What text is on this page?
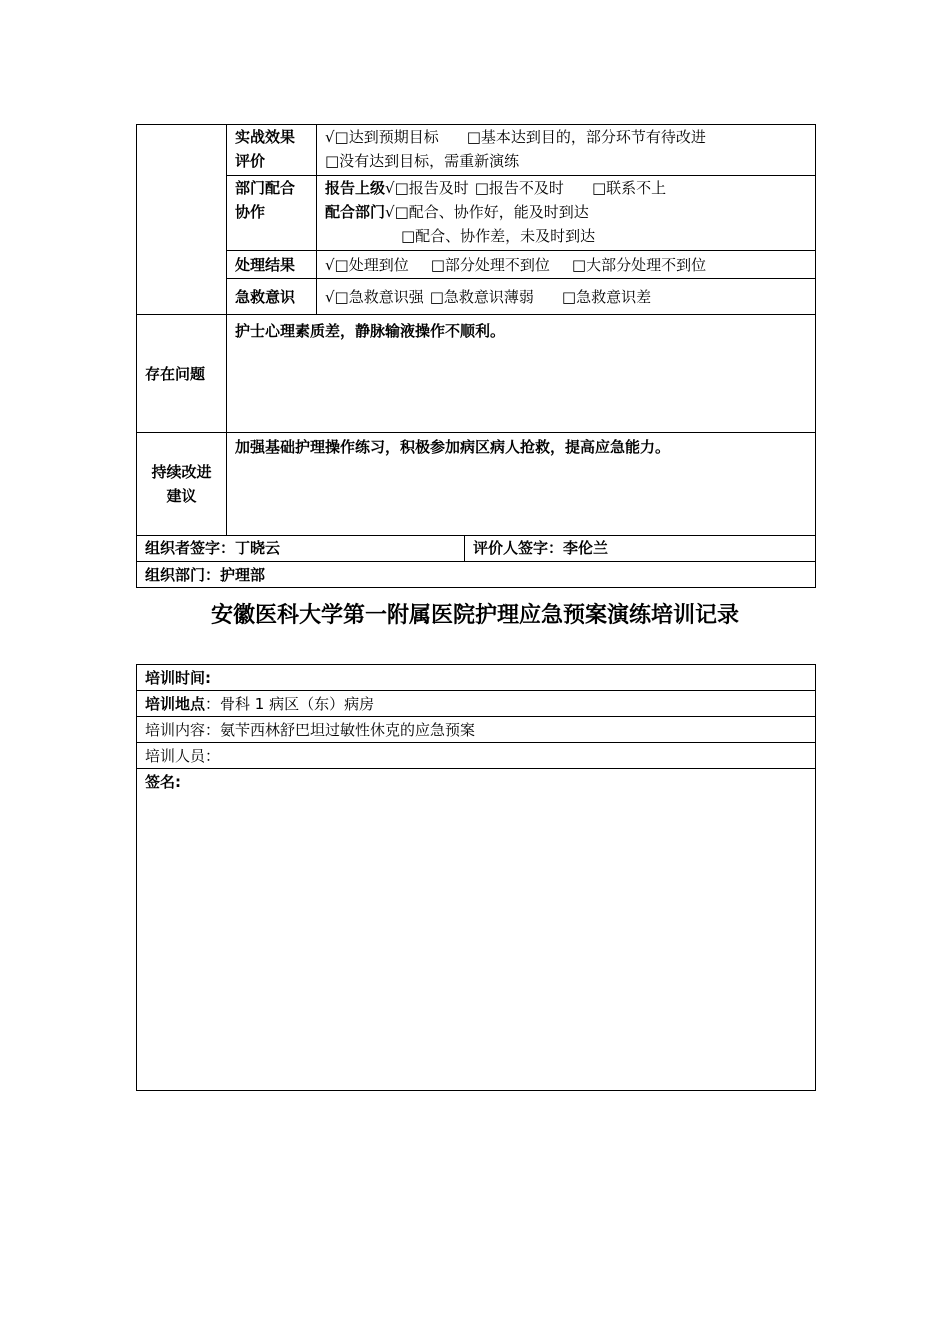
	实战效果评价	√□达到预期目标 □基本达到目的，部分环节有待改进
□没有达到目标，需重新演练

	部门配合协作	报告上级√□报告及时 □报告不及时 □联系不上
配合部门√□配合、协作好，能及时到达
□配合、协作差，未及时到达

	处理结果	√□处理到位 □部分处理不到位 □大部分处理不到位
	急救意识	√□急救意识强 □急救意识薄弱 □急救意识差
存在问题	护士心理素质差，静脉输液操作不顺利。	

持续改进
建议	加强基础护理操作练习，积极参加病区病人抢救，提高应急能力。	

组织者签字：丁晓云 评价人签字：李伦兰		

组织部门：护理部		
安徽医科大学第一附属医院护理应急预案演练培训记录
培训时间:
培训地点：骨科 1 病区（东）病房
培训内容：氨苄西林舒巴坦过敏性休克的应急预案
培训人员：
签名:
